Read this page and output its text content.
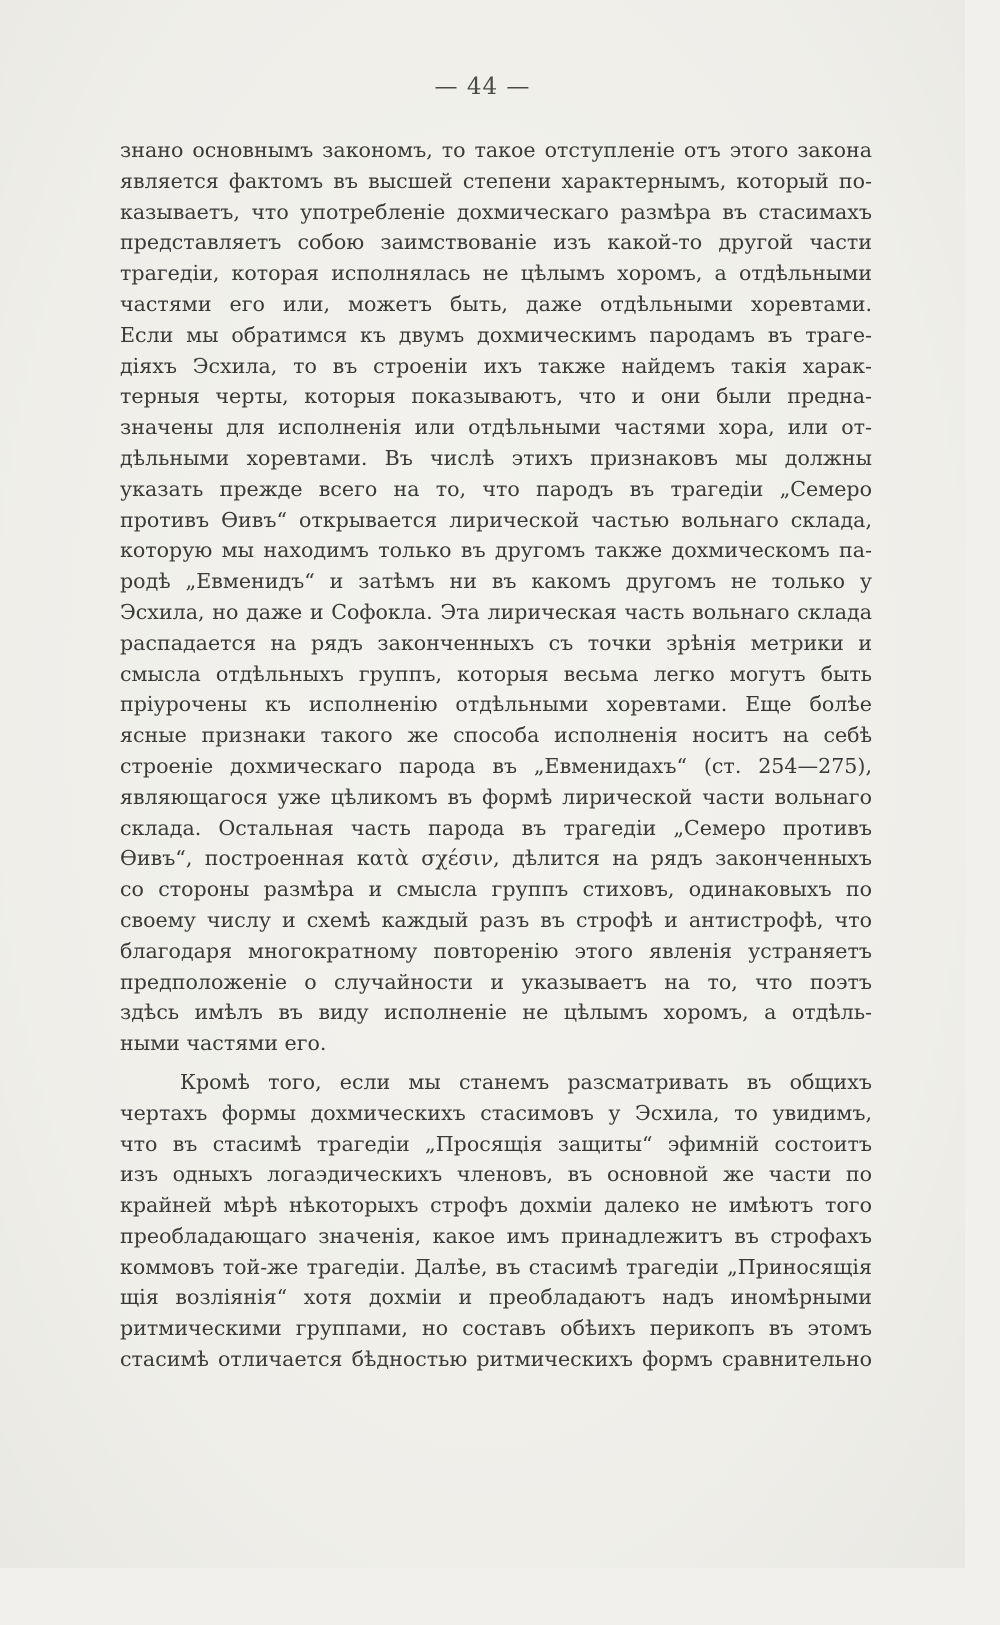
— 44 —
знано основнымъ закономъ, то такое отступленіе отъ этого закона
является фактомъ въ высшей степени характернымъ, который по-
казываетъ, что употребленіе дохмическаго размѣра въ стасимахъ
представляетъ собою заимствованіе изъ какой-то другой части
трагедіи, которая исполнялась не цѣлымъ хоромъ, а отдѣльными
частями его или, можетъ быть, даже отдѣльными хоревтами.
Если мы обратимся къ двумъ дохмическимъ пародамъ въ траге-
діяхъ Эсхила, то въ строеніи ихъ также найдемъ такія харак-
терныя черты, которыя показываютъ, что и они были предна-
значены для исполненія или отдѣльными частями хора, или от-
дѣльными хоревтами. Въ числѣ этихъ признаковъ мы должны
указать прежде всего на то, что пародъ въ трагедіи „Семеро
противъ Ѳивъ“ открывается лирической частью вольнаго склада,
которую мы находимъ только въ другомъ также дохмическомъ па-
родѣ „Евменидъ“ и затѣмъ ни въ какомъ другомъ не только у
Эсхила, но даже и Софокла. Эта лирическая часть вольнаго склада
распадается на рядъ законченныхъ съ точки зрѣнія метрики и
смысла отдѣльныхъ группъ, которыя весьма легко могутъ быть
пріурочены къ исполненію отдѣльными хоревтами. Еще болѣе
ясные признаки такого же способа исполненія носитъ на себѣ
строеніе дохмическаго парода въ „Евменидахъ“ (ст. 254—275),
являющагося уже цѣликомъ въ формѣ лирической части вольнаго
склада. Остальная часть парода въ трагедіи „Семеро противъ
Ѳивъ“, построенная κατὰ σχέσιν, дѣлится на рядъ законченныхъ
со стороны размѣра и смысла группъ стиховъ, одинаковыхъ по
своему числу и схемѣ каждый разъ въ строфѣ и антистрофѣ, что
благодаря многократному повторенію этого явленія устраняетъ
предположеніе о случайности и указываетъ на то, что поэтъ
здѣсь имѣлъ въ виду исполненіе не цѣлымъ хоромъ, а отдѣль-
ными частями его.
Кромѣ того, если мы станемъ разсматривать въ общихъ
чертахъ формы дохмическихъ стасимовъ у Эсхила, то увидимъ,
что въ стасимѣ трагедіи „Просящія защиты“ эфимній состоитъ
изъ одныхъ логаэдическихъ членовъ, въ основной же части по
крайней мѣрѣ нѣкоторыхъ строфъ дохміи далеко не имѣютъ того
преобладающаго значенія, какое имъ принадлежитъ въ строфахъ
коммовъ той-же трагедіи. Далѣе, въ стасимѣ трагедіи „Приносящія
щія возліянія“ хотя дохміи и преобладаютъ надъ иномѣрными
ритмическими группами, но составъ обѣихъ перикопъ въ этомъ
стасимѣ отличается бѣдностью ритмическихъ формъ сравнительно
